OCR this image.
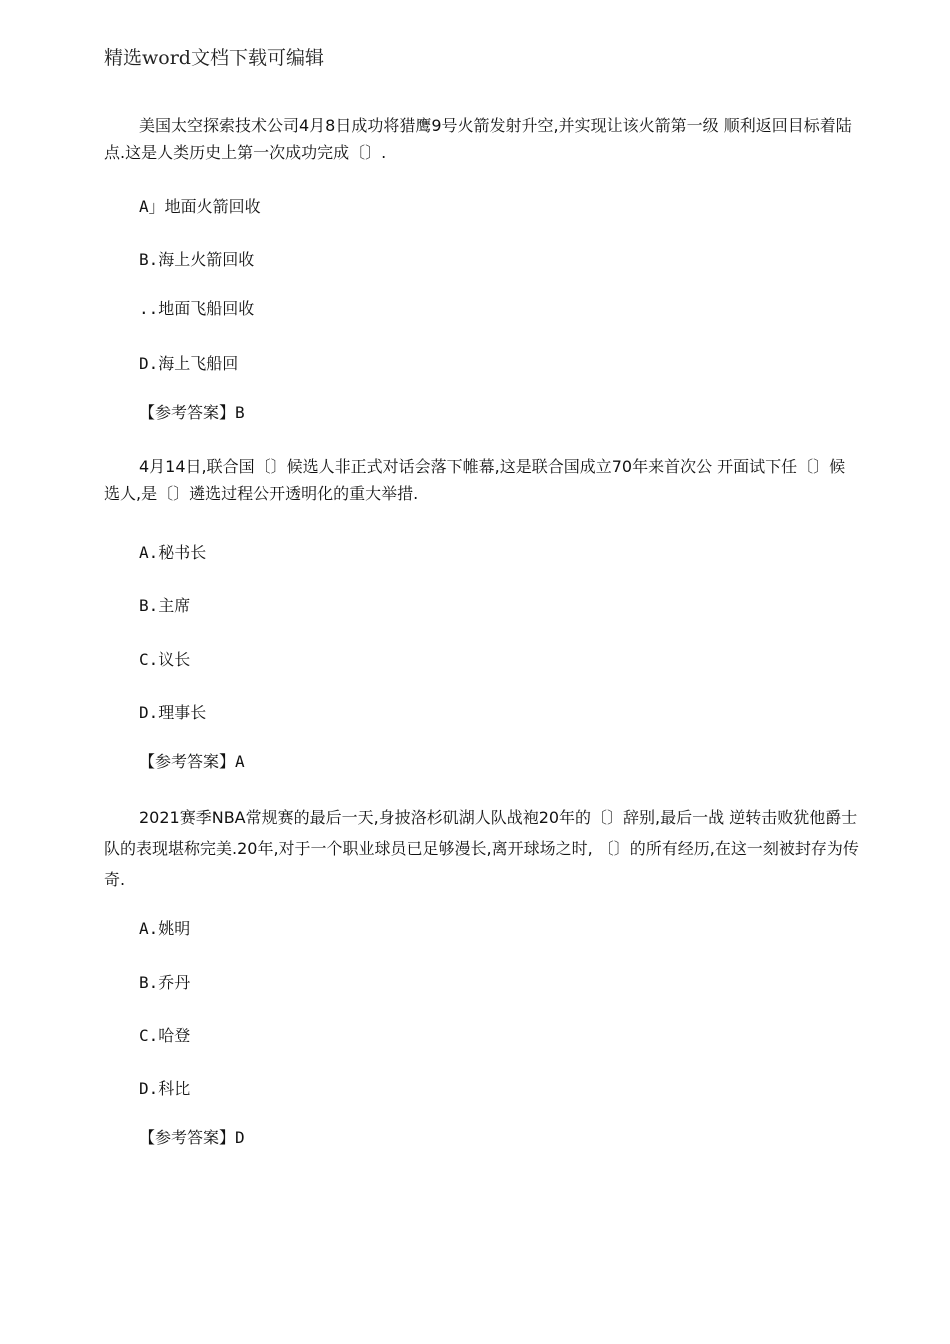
精选word文档下载可编辑

美国太空探索技术公司4月8日成功将猎鹰9号火箭发射升空,并实现让该火箭第一级 顺利返回目标着陆点.这是人类历史上第一次成功完成〔〕.

A」地面火箭回收
B.海上火箭回收
..地面飞船回收
D.海上飞船回
【参考答案】B

4月14日,联合国〔〕候选人非正式对话会落下帷幕,这是联合国成立70年来首次公 开面试下任〔〕候选人,是〔〕遴选过程公开透明化的重大举措.

A.秘书长
B.主席
C.议长
D.理事长
【参考答案】A

2021赛季NBA常规赛的最后一天,身披洛杉矶湖人队战袍20年的〔〕辞别,最后一战 逆转击败犹他爵士队的表现堪称完美.20年,对于一个职业球员已足够漫长,离开球场之时, 〔〕的所有经历,在这一刻被封存为传奇.

A.姚明
B.乔丹
C.哈登
D.科比
【参考答案】D
